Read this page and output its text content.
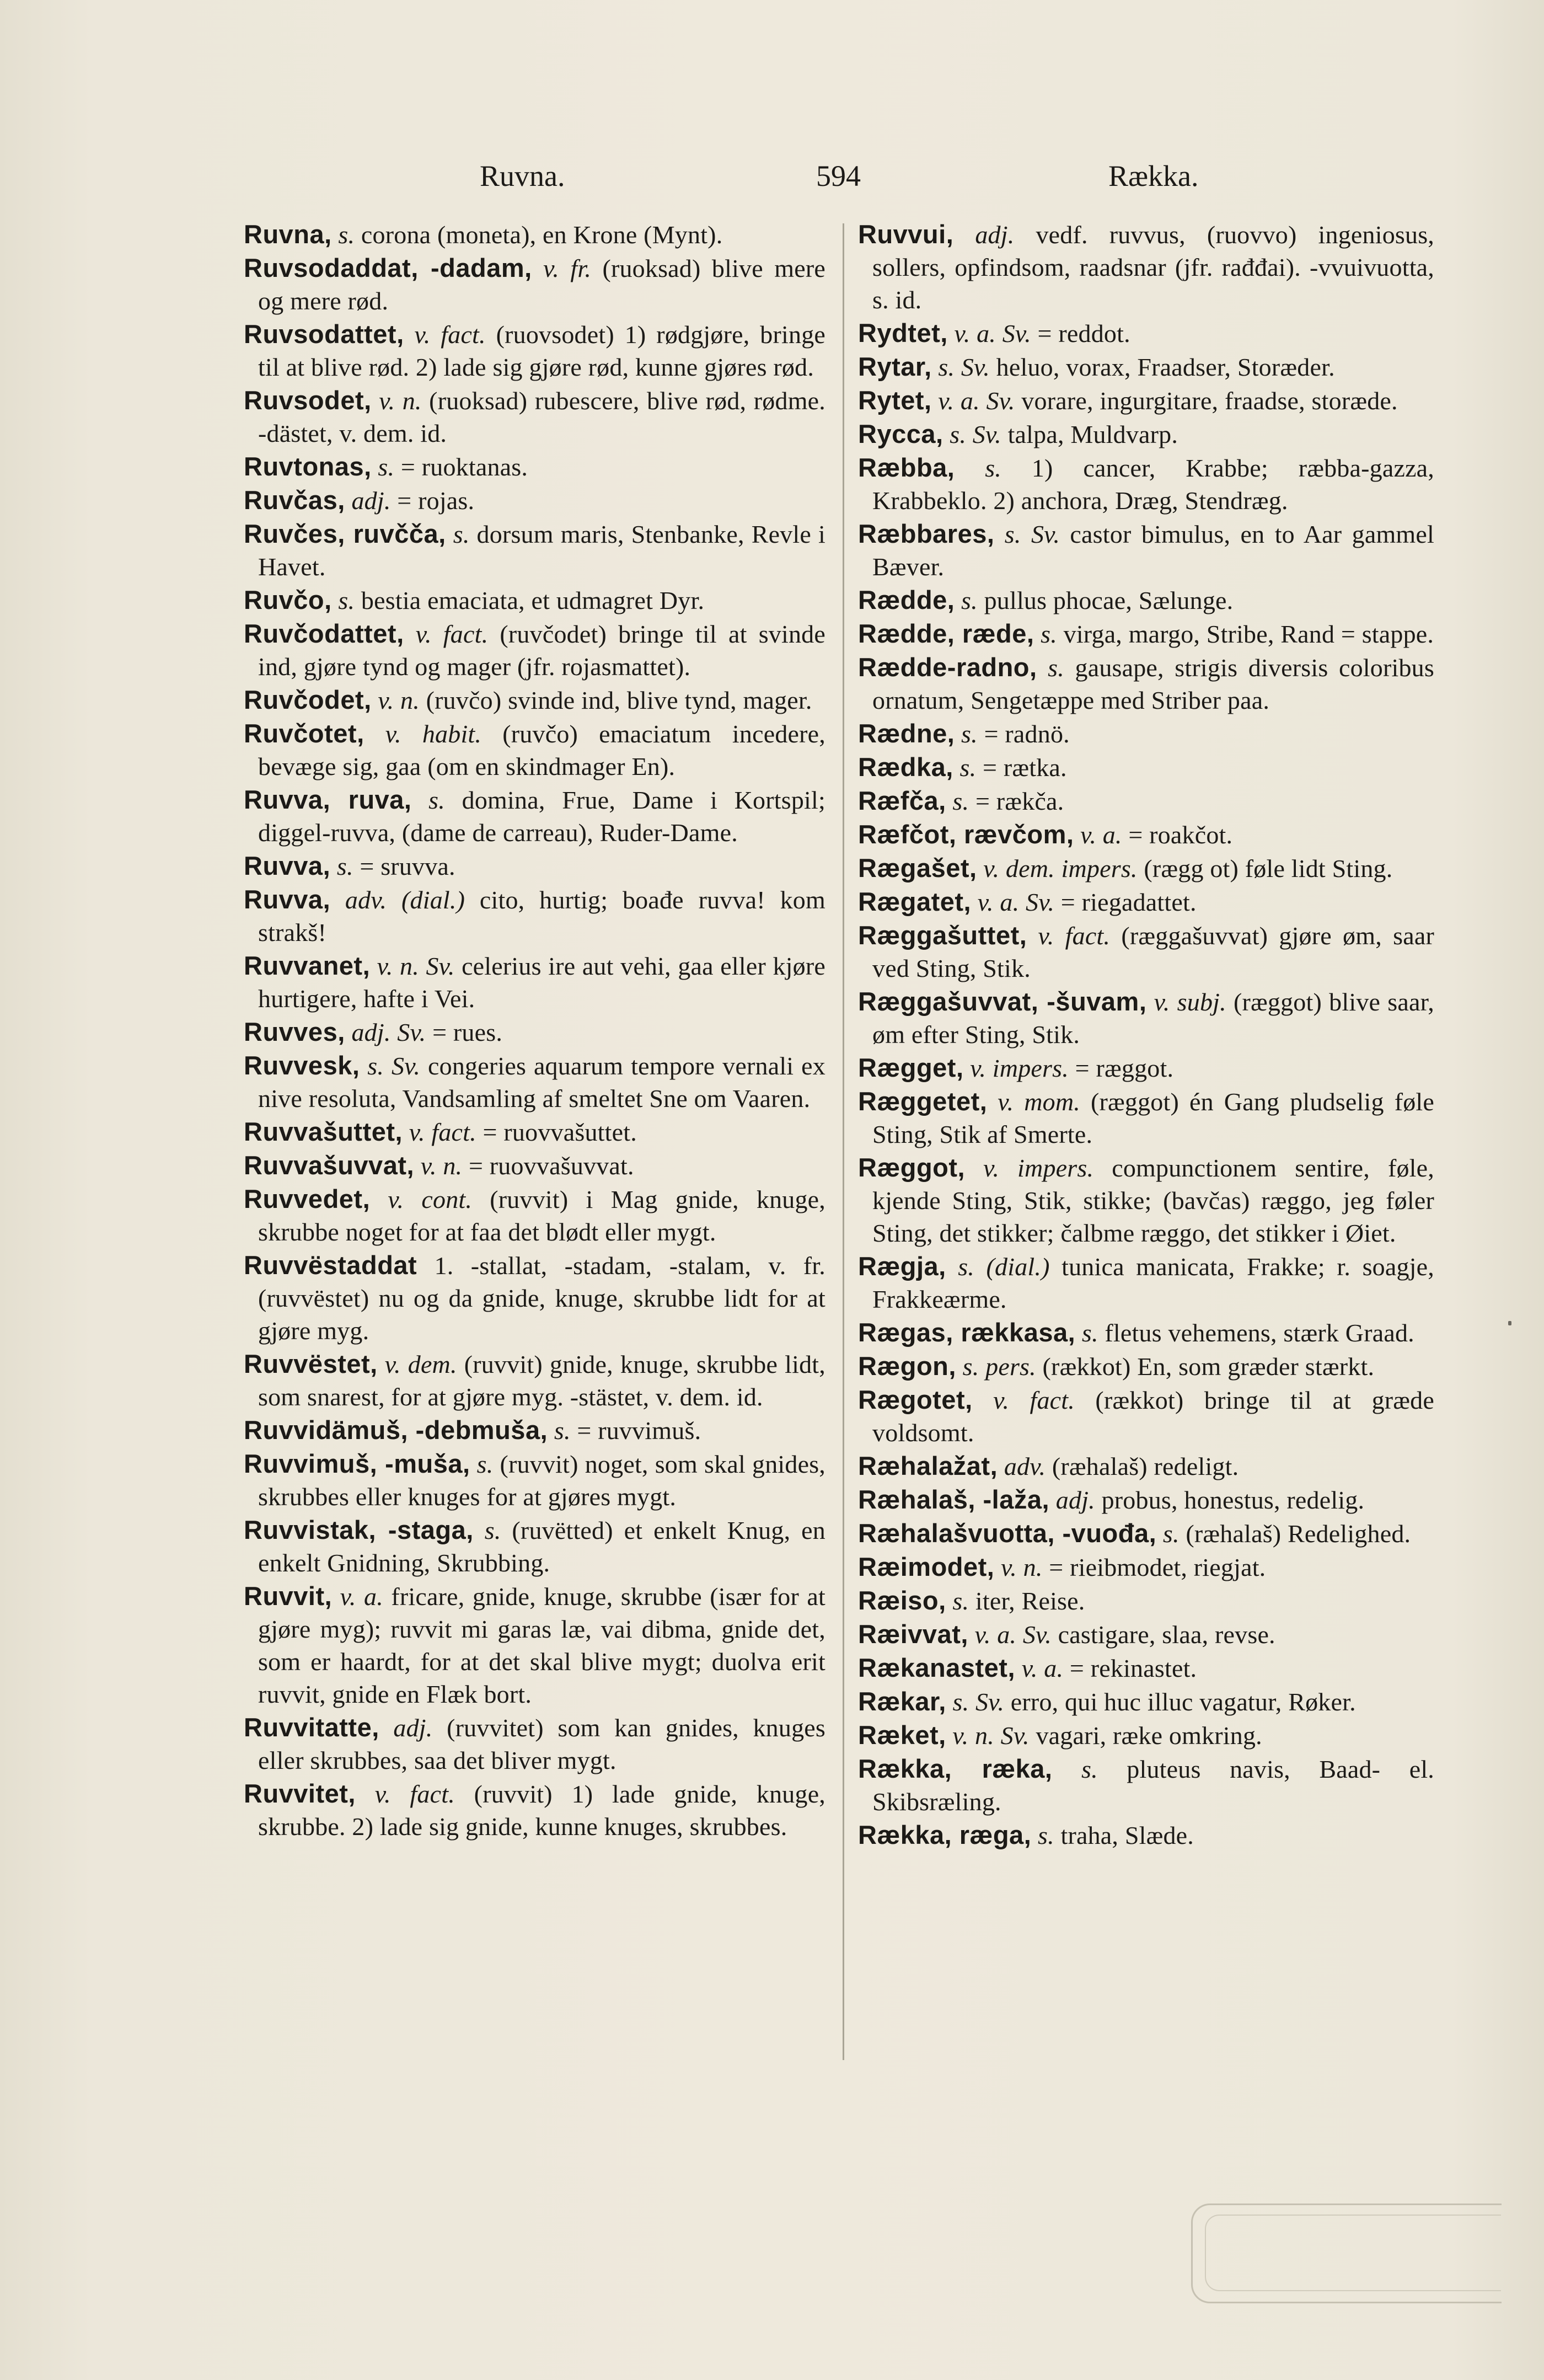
Ruvna.	594	Rækka.

Ruvna, s. corona (moneta), en Krone (Mynt).

Ruvsodaddat, -dadam, v. fr. (ruoksad) blive mere og mere rød.

Ruvsodattet, v. fact. (ruovsodet) 1) rødgjøre, bringe til at blive rød. 2) lade sig gjøre rød, kunne gjøres rød.

Ruvsodet, v. n. (ruoksad) rubescere, blive rød, rødme. -dästet, v. dem. id.

Ruvtonas, s. = ruoktanas.

Ruvčas, adj. = rojas.

Ruvčes, ruvčča, s. dorsum maris, Stenbanke, Revle i Havet.

Ruvčo, s. bestia emaciata, et udmagret Dyr.

Ruvčodattet, v. fact. (ruvčodet) bringe til at svinde ind, gjøre tynd og mager (jfr. rojasmattet).

Ruvčodet, v. n. (ruvčo) svinde ind, blive tynd, mager.

Ruvčotet, v. habit. (ruvčo) emaciatum incedere, bevæge sig, gaa (om en skindmager En).

Ruvva, ruva, s. domina, Frue, Dame i Kortspil; diggel-ruvva, (dame de carreau), Ruder-Dame.

Ruvva, s. = sruvva.

Ruvva, adv. (dial.) cito, hurtig; boađe ruvva! kom strakš!

Ruvvanet, v. n. Sv. celerius ire aut vehi, gaa eller kjøre hurtigere, hafte i Vei.

Ruvves, adj. Sv. = rues.

Ruvvesk, s. Sv. congeries aquarum tempore vernali ex nive resoluta, Vandsamling af smeltet Sne om Vaaren.

Ruvvašuttet, v. fact. = ruovvašuttet.

Ruvvašuvvat, v. n. = ruovvašuvvat.

Ruvvedet, v. cont. (ruvvit) i Mag gnide, knuge, skrubbe noget for at faa det blødt eller mygt.

Ruvvëstaddat 1. -stallat, -stadam, -stalam, v. fr. (ruvvëstet) nu og da gnide, knuge, skrubbe lidt for at gjøre myg.

Ruvvëstet, v. dem. (ruvvit) gnide, knuge, skrubbe lidt, som snarest, for at gjøre myg. -stästet, v. dem. id.

Ruvvidämuš, -debmuša, s. = ruvvimuš.

Ruvvimuš, -muša, s. (ruvvit) noget, som skal gnides, skrubbes eller knuges for at gjøres mygt.

Ruvvistak, -staga, s. (ruvëtted) et enkelt Knug, en enkelt Gnidning, Skrubbing.

Ruvvit, v. a. fricare, gnide, knuge, skrubbe (især for at gjøre myg); ruvvit mi garas læ, vai dibma, gnide det, som er haardt, for at det skal blive mygt; duolva erit ruvvit, gnide en Flæk bort.

Ruvvitatte, adj. (ruvvitet) som kan gnides, knuges eller skrubbes, saa det bliver mygt.

Ruvvitet, v. fact. (ruvvit) 1) lade gnide, knuge, skrubbe. 2) lade sig gnide, kunne knuges, skrubbes.

Ruvvui, adj. vedf. ruvvus, (ruovvo) ingeniosus, sollers, opfindsom, raadsnar (jfr. rađđai). -vvuivuotta, s. id.

Rydtet, v. a. Sv. = reddot.

Rytar, s. Sv. heluo, vorax, Fraadser, Storæder.

Rytet, v. a. Sv. vorare, ingurgitare, fraadse, storæde.

Rycca, s. Sv. talpa, Muldvarp.

Ræbba, s. 1) cancer, Krabbe; ræbba-gazza, Krabbeklo. 2) anchora, Dræg, Stendræg.

Ræbbares, s. Sv. castor bimulus, en to Aar gammel Bæver.

Rædde, s. pullus phocae, Sælunge.

Rædde, ræde, s. virga, margo, Stribe, Rand = stappe.

Rædde-radno, s. gausape, strigis diversis coloribus ornatum, Sengetæppe med Striber paa.

Rædne, s. = radnö.

Rædka, s. = rætka.

Ræfča, s. = rækča.

Ræfčot, rævčom, v. a. = roakčot.

Rægašet, v. dem. impers. (rægg ot) føle lidt Sting.

Rægatet, v. a. Sv. = riegadattet.

Ræggašuttet, v. fact. (ræggašuvvat) gjøre øm, saar ved Sting, Stik.

Ræggašuvvat, -šuvam, v. subj. (ræggot) blive saar, øm efter Sting, Stik.

Rægget, v. impers. = ræggot.

Ræggetet, v. mom. (ræggot) én Gang pludselig føle Sting, Stik af Smerte.

Ræggot, v. impers. compunctionem sentire, føle, kjende Sting, Stik, stikke; (bavčas) ræggo, jeg føler Sting, det stikker; čalbme ræggo, det stikker i Øiet.

Rægja, s. (dial.) tunica manicata, Frakke; r. soagje, Frakkeærme.

Rægas, rækkasa, s. fletus vehemens, stærk Graad.

Rægon, s. pers. (rækkot) En, som græder stærkt.

Rægotet, v. fact. (rækkot) bringe til at græde voldsomt.

Ræhalažat, adv. (ræhalaš) redeligt.

Ræhalaš, -laža, adj. probus, honestus, redelig.

Ræhalašvuotta, -vuođa, s. (ræhalaš) Redelighed.

Ræimodet, v. n. = rieibmodet, riegjat.

Ræiso, s. iter, Reise.

Ræivvat, v. a. Sv. castigare, slaa, revse.

Rækanastet, v. a. = rekinastet.

Rækar, s. Sv. erro, qui huc illuc vagatur, Røker.

Ræket, v. n. Sv. vagari, ræke omkring.

Rækka, ræka, s. pluteus navis, Baad- el. Skibsræling.

Rækka, ræga, s. traha, Slæde.
